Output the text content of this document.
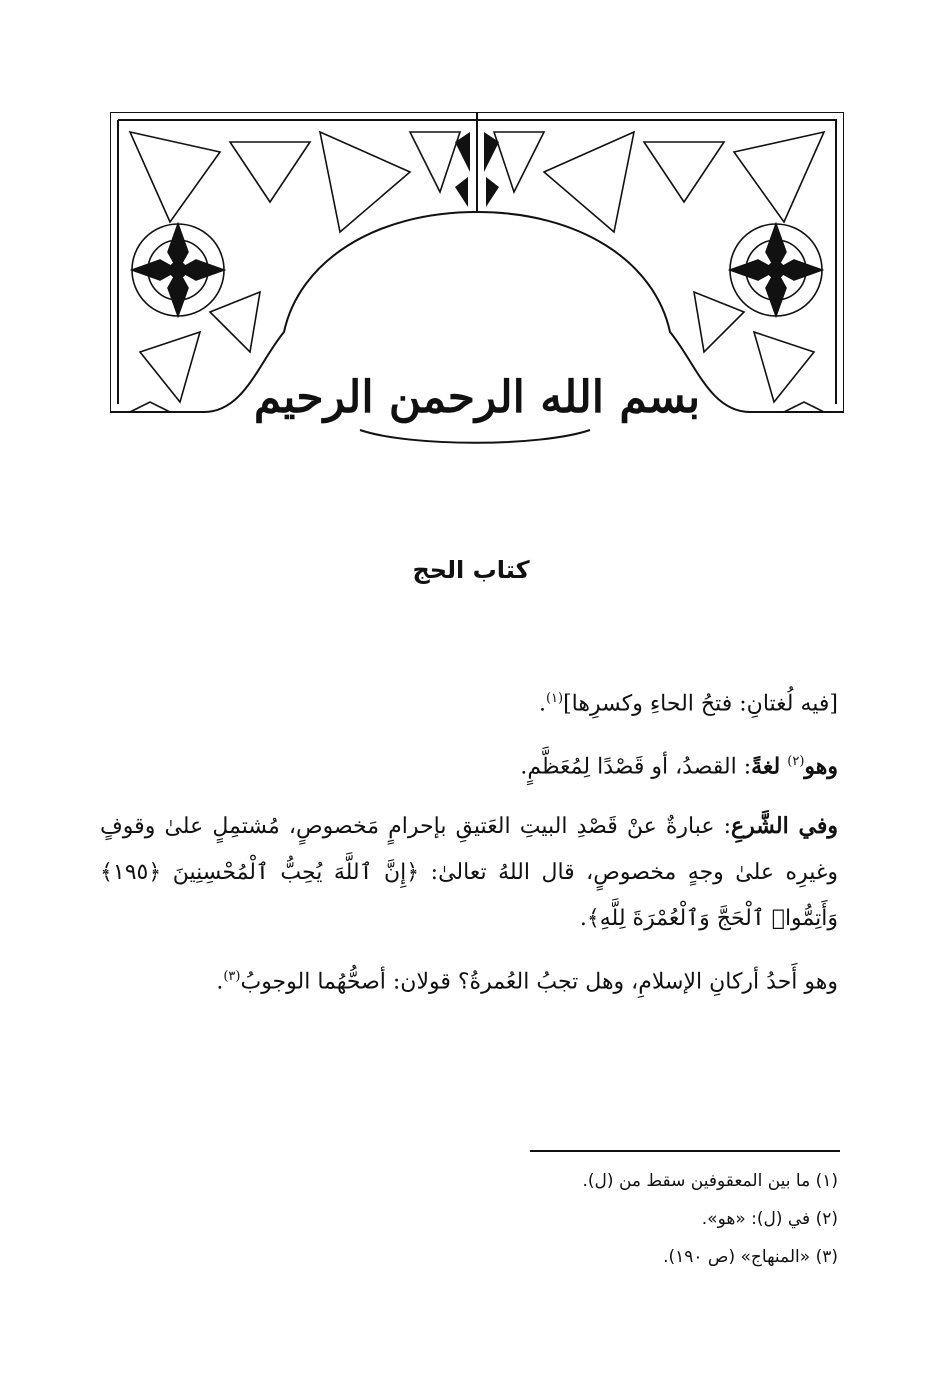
بسم الله الرحمن الرحيم
كتاب الحج

[فيه لُغتانِ: فتحُ الحاءِ وكسرِها]$^{(١)}$.

وهو$^{(٢)}$ لغةً: القصدُ، أو قَصْدًا لِمُعَظَّمٍ.

وفي الشَّرعِ: عبارةٌ عنْ قَصْدِ البيتِ العَتيقِ بإحرامٍ مَخصوصٍ، مُشتمِلٍ علىٰ وقوفٍ وغيرِه علىٰ وجهٍ مخصوصٍ، قال اللهُ تعالىٰ: ﴿إِنَّ ٱللَّهَ يُحِبُّ ٱلْمُحْسِنِينَ ﴿١٩٥﴾ وَأَتِمُّوا۟ ٱلْحَجَّ وَٱلْعُمْرَةَ لِلَّهِ﴾.

وهو أَحدُ أركانِ الإسلامِ، وهل تجبُ العُمرةُ؟ قولان: أصحُّهُما الوجوبُ$^{(٣)}$.

(١) ما بين المعقوفين سقط من (ل).
(٢) في (ل): «هو».
(٣) «المنهاج» (ص ١٩٠).
